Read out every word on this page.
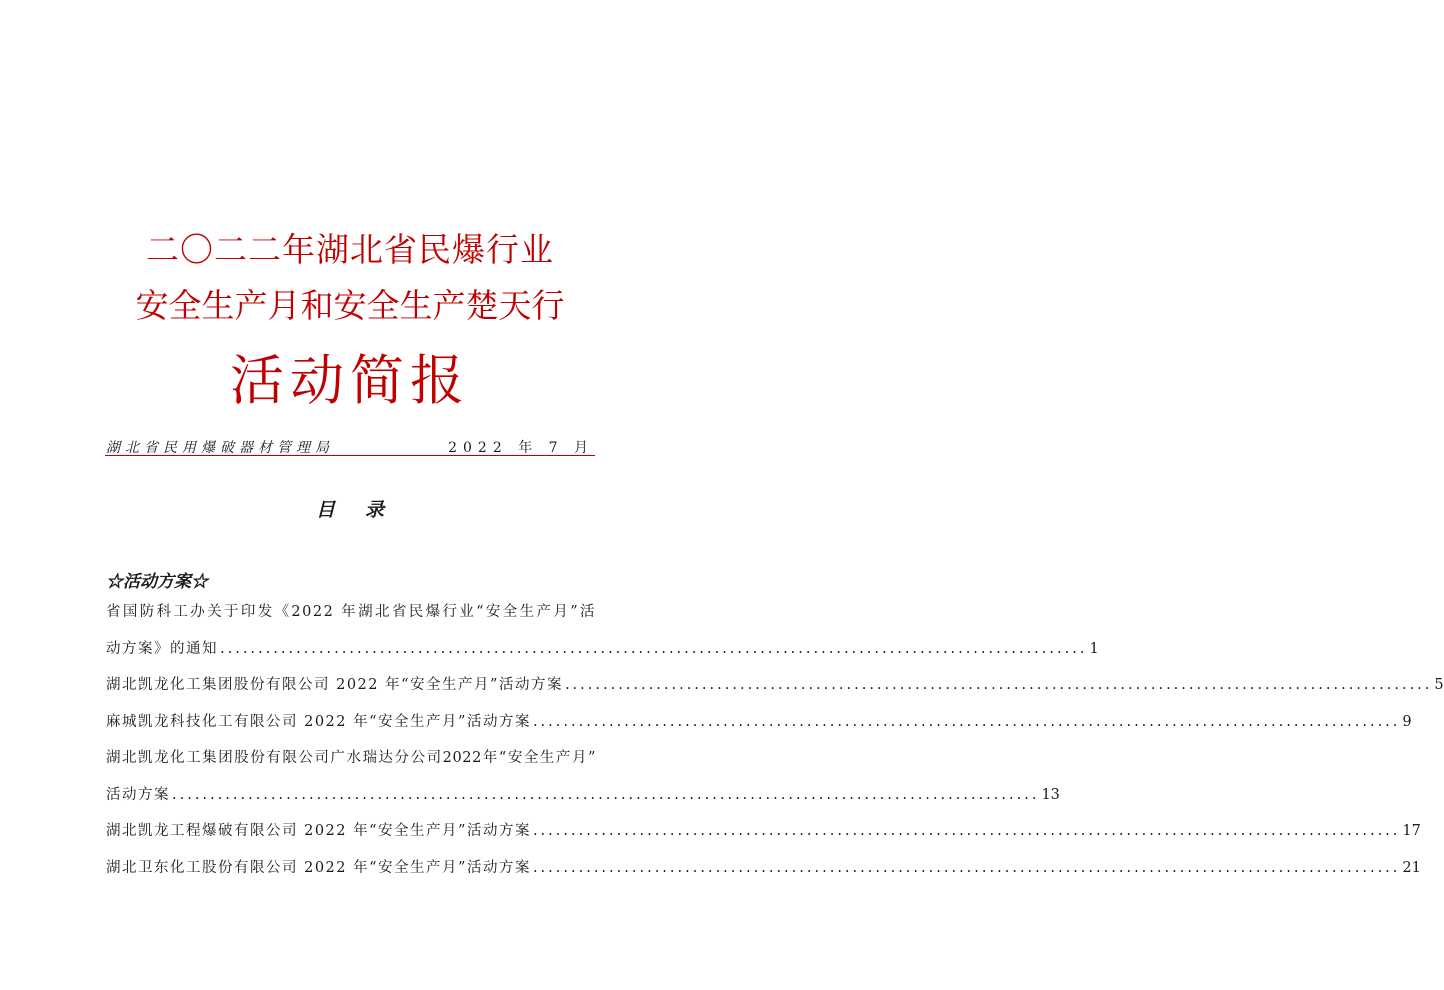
二〇二二年湖北省民爆行业
安全生产月和安全生产楚天行
活动简报
湖北省民用爆破器材管理局	2022 年 7 月
目录
☆活动方案☆
省国防科工办关于印发《2022 年湖北省民爆行业“安全生产月”活
动方案》的通知 .................................................................................................................. 1
湖北凯龙化工集团股份有限公司 2022 年“安全生产月”活动方案 .................................................................................................................. 5
麻城凯龙科技化工有限公司 2022 年“安全生产月”活动方案 .................................................................................................................. 9
湖北凯龙化工集团股份有限公司广水瑞达分公司2022年“安全生产月”
活动方案 .................................................................................................................. 13
湖北凯龙工程爆破有限公司 2022 年“安全生产月”活动方案 .................................................................................................................. 17
湖北卫东化工股份有限公司 2022 年“安全生产月”活动方案 .................................................................................................................. 21
